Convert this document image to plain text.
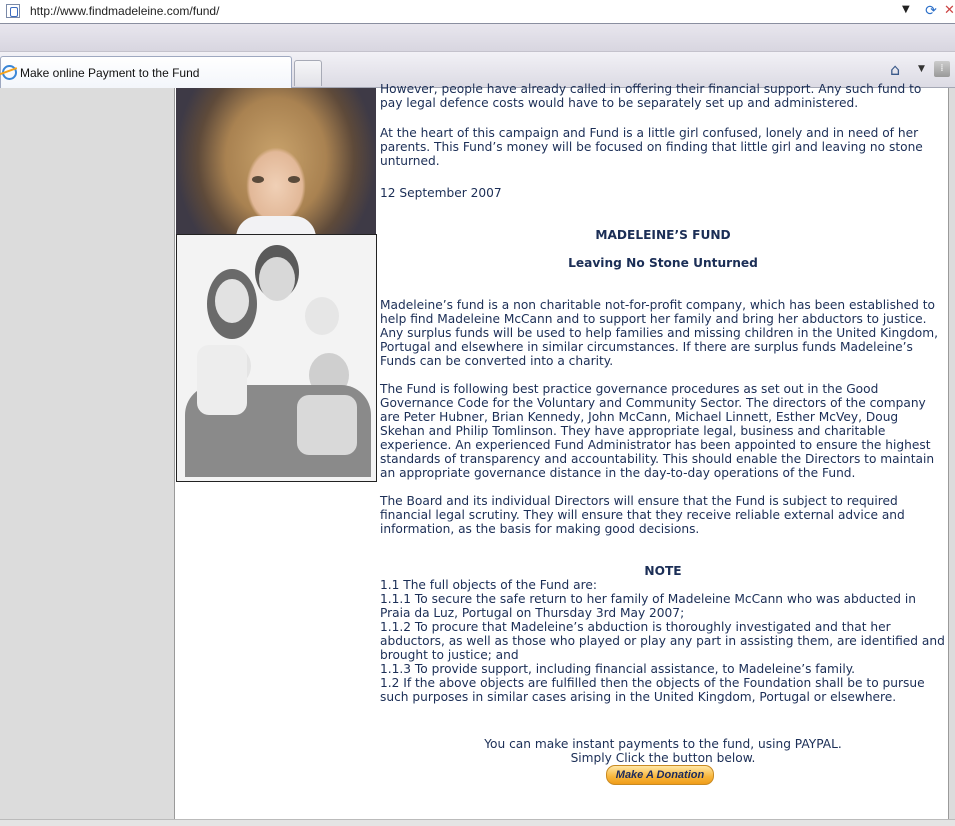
http://www.findmadeleine.com/fund/	▼ ⟳ ✕
Make online Payment to the Fund	⌂ ▼	⁞

However, people have already called in offering their financial support. Any such fund to pay legal defence costs would have to be separately set up and administered.

At the heart of this campaign and Fund is a little girl confused, lonely and in need of her parents. This Fund’s money will be focused on finding that little girl and leaving no stone unturned.

12 September 2007

MADELEINE’S FUND
Leaving No Stone Unturned

Madeleine’s fund is a non charitable not-for-profit company, which has been established to help find Madeleine McCann and to support her family and bring her abductors to justice. Any surplus funds will be used to help families and missing children in the United Kingdom, Portugal and elsewhere in similar circumstances. If there are surplus funds Madeleine’s Funds can be converted into a charity.

The Fund is following best practice governance procedures as set out in the Good Governance Code for the Voluntary and Community Sector. The directors of the company are Peter Hubner, Brian Kennedy, John McCann, Michael Linnett, Esther McVey, Doug Skehan and Philip Tomlinson. They have appropriate legal, business and charitable experience. An experienced Fund Administrator has been appointed to ensure the highest standards of transparency and accountability. This should enable the Directors to maintain an appropriate governance distance in the day-to-day operations of the Fund.

The Board and its individual Directors will ensure that the Fund is subject to required financial legal scrutiny. They will ensure that they receive reliable external advice and information, as the basis for making good decisions.

NOTE

1.1 The full objects of the Fund are:

1.1.1 To secure the safe return to her family of Madeleine McCann who was abducted in Praia da Luz, Portugal on Thursday 3rd May 2007;

1.1.2 To procure that Madeleine’s abduction is thoroughly investigated and that her abductors, as well as those who played or play any part in assisting them, are identified and brought to justice; and

1.1.3 To provide support, including financial assistance, to Madeleine’s family.

1.2 If the above objects are fulfilled then the objects of the Foundation shall be to pursue such purposes in similar cases arising in the United Kingdom, Portugal or elsewhere.

You can make instant payments to the fund, using PAYPAL.
Simply Click the button below.
Make A Donation
